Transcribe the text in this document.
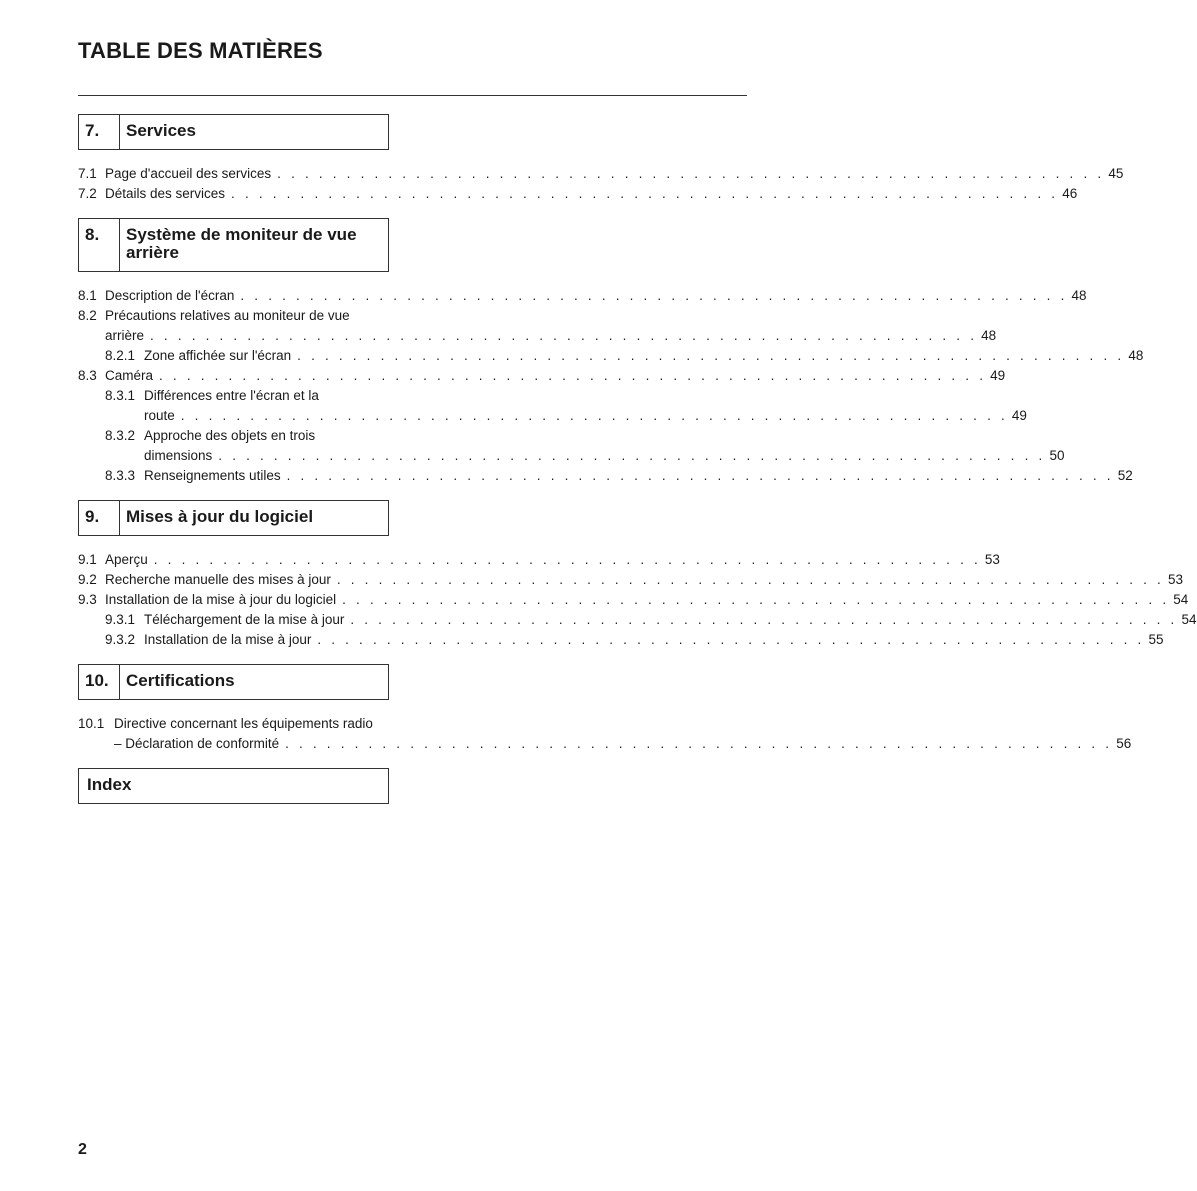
TABLE DES MATIÈRES
7.	Services
7.1 Page d'accueil des services . . . . . . . . . . . . . . . . . . . . . . . . . . . . . . . . . . . . . . . . . . . . . . . . . . . . . . . . . . . . 45
7.2 Détails des services . . . . . . . . . . . . . . . . . . . . . . . . . . . . . . . . . . . . . . . . . . . . . . . . . . . . . . . . . . . . 46
8.	Système de moniteur de vue
arrière
8.1 Description de l'écran . . . . . . . . . . . . . . . . . . . . . . . . . . . . . . . . . . . . . . . . . . . . . . . . . . . . . . . . . . . . 48
8.2 Précautions relatives au moniteur de vue
arrière . . . . . . . . . . . . . . . . . . . . . . . . . . . . . . . . . . . . . . . . . . . . . . . . . . . . . . . . . . . . 48
8.2.1 Zone affichée sur l'écran . . . . . . . . . . . . . . . . . . . . . . . . . . . . . . . . . . . . . . . . . . . . . . . . . . . . . . . . . . . . 48
8.3 Caméra . . . . . . . . . . . . . . . . . . . . . . . . . . . . . . . . . . . . . . . . . . . . . . . . . . . . . . . . . . . . 49
8.3.1 Différences entre l'écran et la
route . . . . . . . . . . . . . . . . . . . . . . . . . . . . . . . . . . . . . . . . . . . . . . . . . . . . . . . . . . . . 49
8.3.2 Approche des objets en trois
dimensions . . . . . . . . . . . . . . . . . . . . . . . . . . . . . . . . . . . . . . . . . . . . . . . . . . . . . . . . . . . . 50
8.3.3 Renseignements utiles . . . . . . . . . . . . . . . . . . . . . . . . . . . . . . . . . . . . . . . . . . . . . . . . . . . . . . . . . . . . 52
9.	Mises à jour du logiciel
9.1 Aperçu . . . . . . . . . . . . . . . . . . . . . . . . . . . . . . . . . . . . . . . . . . . . . . . . . . . . . . . . . . . . 53
9.2 Recherche manuelle des mises à jour . . . . . . . . . . . . . . . . . . . . . . . . . . . . . . . . . . . . . . . . . . . . . . . . . . . . . . . . . . . . 53
9.3 Installation de la mise à jour du logiciel . . . . . . . . . . . . . . . . . . . . . . . . . . . . . . . . . . . . . . . . . . . . . . . . . . . . . . . . . . . . 54
9.3.1 Téléchargement de la mise à jour . . . . . . . . . . . . . . . . . . . . . . . . . . . . . . . . . . . . . . . . . . . . . . . . . . . . . . . . . . . . 54
9.3.2 Installation de la mise à jour . . . . . . . . . . . . . . . . . . . . . . . . . . . . . . . . . . . . . . . . . . . . . . . . . . . . . . . . . . . . 55
10.	Certifications
10.1 Directive concernant les équipements radio
– Déclaration de conformité . . . . . . . . . . . . . . . . . . . . . . . . . . . . . . . . . . . . . . . . . . . . . . . . . . . . . . . . . . . . 56
Index
2
